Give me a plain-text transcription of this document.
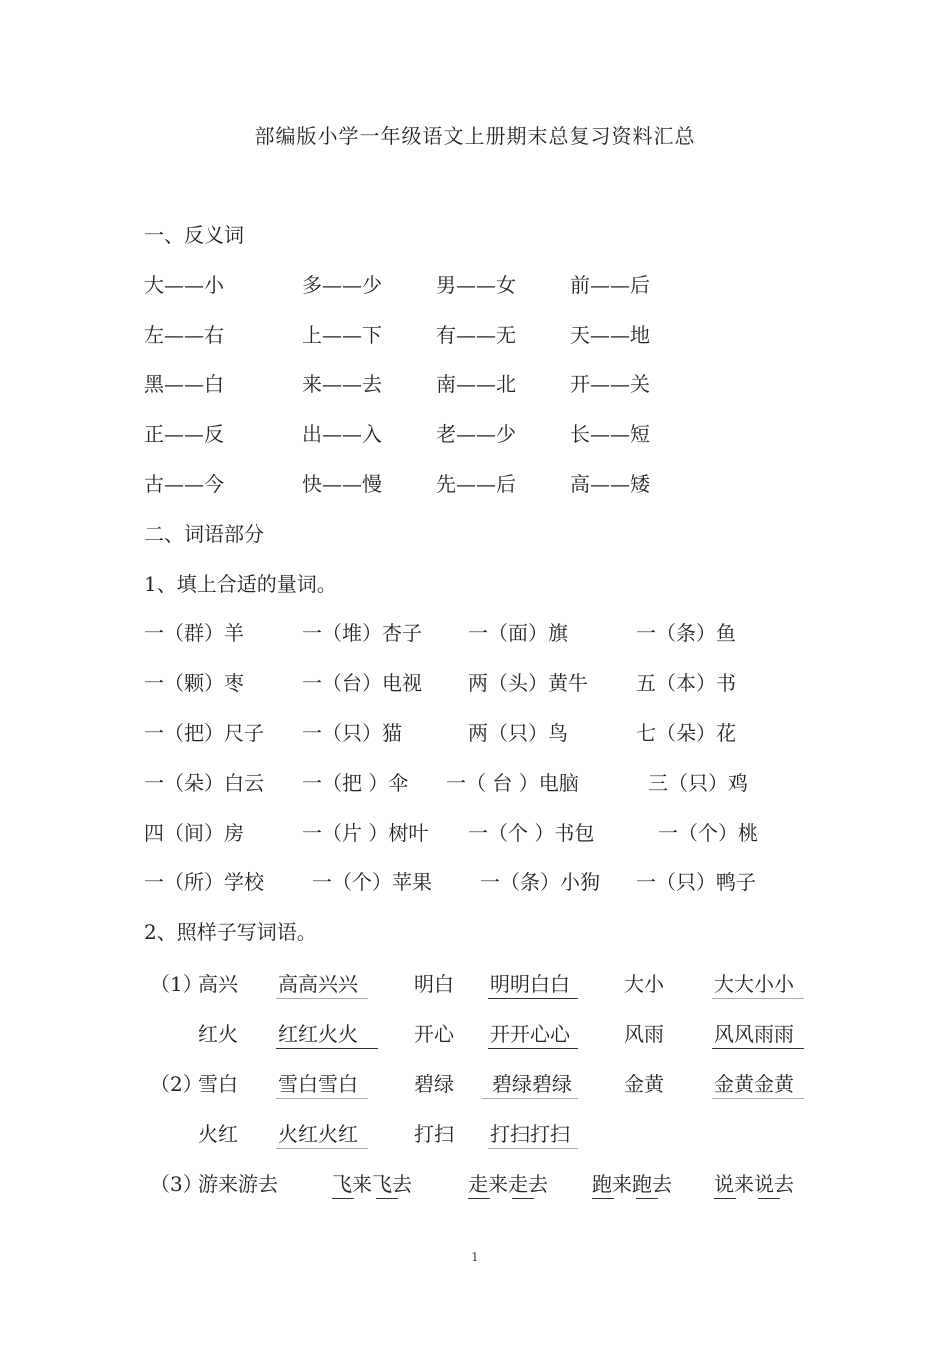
部编版小学一年级语文上册期末总复习资料汇总
一、反义词
大——小	多——少	男——女	前——后
左——右	上——下	有——无	天——地
黑——白	来——去	南——北	开——关
正——反	出——入	老——少	长——短
古——今	快——慢	先——后	高——矮
二、词语部分
1、填上合适的量词。
一（群）羊	一（堆）杏子 一（面）旗	一（条）鱼
一（颗）枣	一（台）电视 两（头）黄牛 五（本）书
一（把）尺子 一（只）猫	两（只）鸟	七（朵）花
一（朵）白云 一（把 ）伞 一（ 台 ）电脑	三（只）鸡
四（间）房	一（片 ）树叶 一（个 ）书包	一（个）桃
一（所）学校 一（个）苹果 一（条）小狗 一（只）鸭子
2、照样子写词语。
（1）
高兴 高高兴兴	明白 明明白白	大小	大大小小
红火 红红火火	开心 开开心心	风雨	风风雨雨
（2）
雪白 雪白雪白	碧绿 碧绿碧绿	金黄	金黄金黄
火红 火红火红	打扫 打扫打扫
（3）
游来游去	飞来飞去	走来走去 跑来跑去 说来说去
1
